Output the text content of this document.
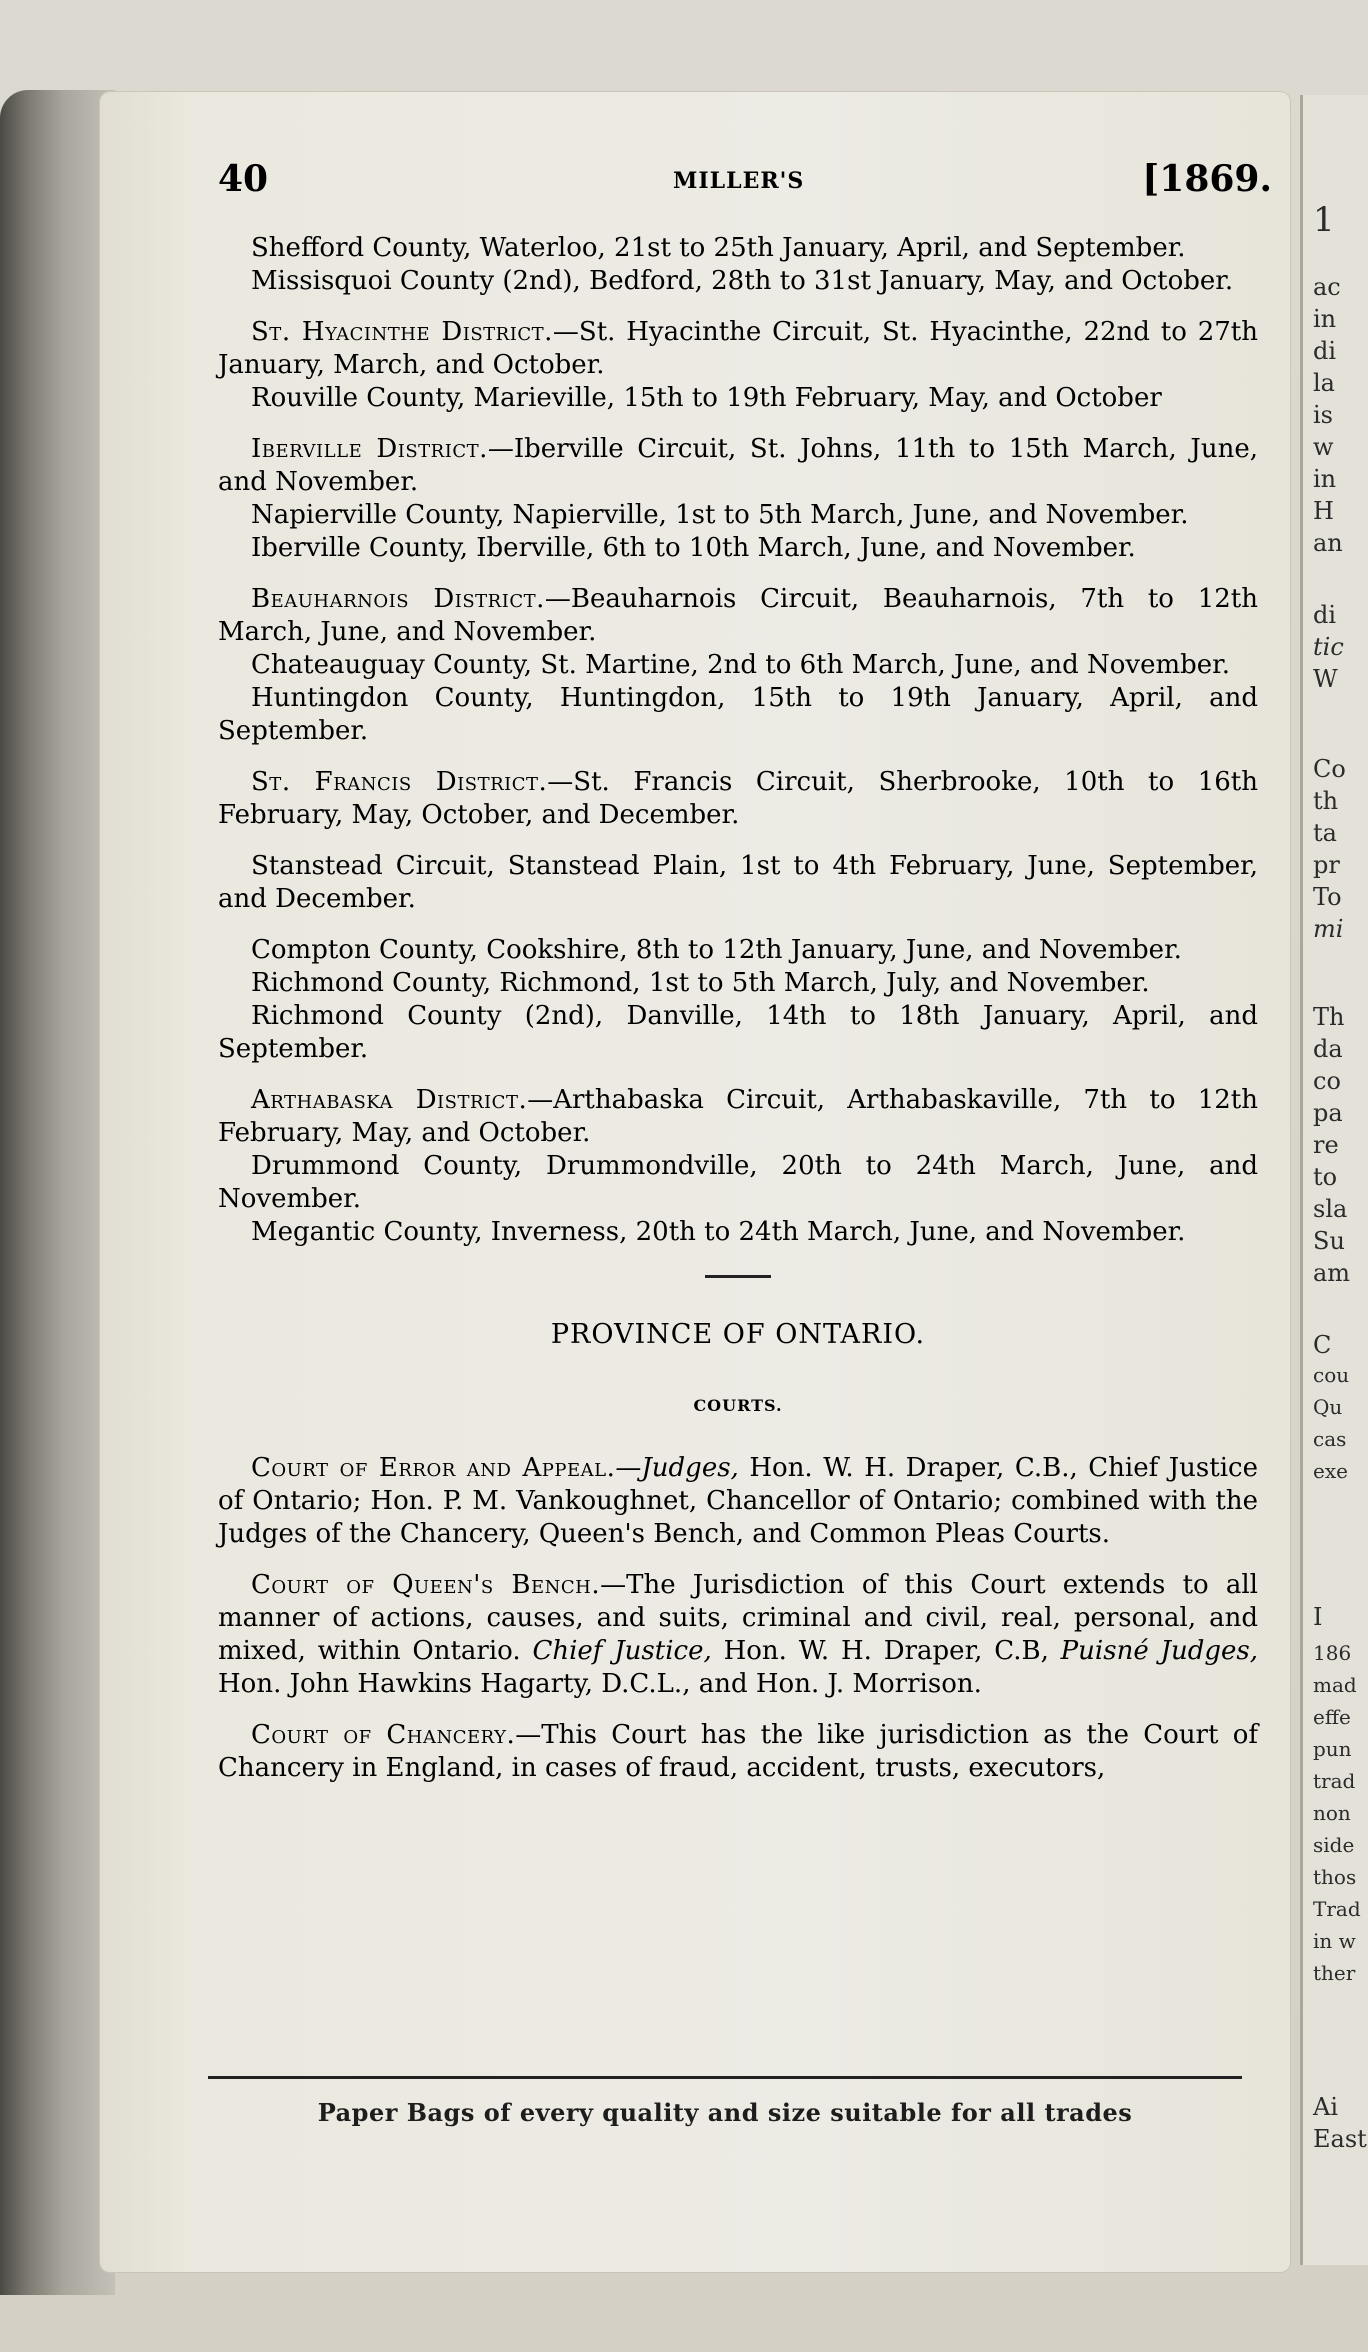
1
ac
in
di
la
is
w
in
H
an
di
tic
W
Co
th
ta
pr
To
mi
Th
da
co
pa
re
to
sla
Su
am
C
cou
Qu
cas
exe
I
186
mad
effe
pun
trad
non
side
thos
Trad
in w
ther
Ai
East
40	MILLER'S	[1869.

Shefford County, Waterloo, 21st to 25th January, April, and September.

Missisquoi County (2nd), Bedford, 28th to 31st January, May, and October.

St. Hyacinthe District.—St. Hyacinthe Circuit, St. Hyacinthe, 22nd to 27th January, March, and October.

Rouville County, Marieville, 15th to 19th February, May, and October

Iberville District.—Iberville Circuit, St. Johns, 11th to 15th March, June, and November.

Napierville County, Napierville, 1st to 5th March, June, and November.

Iberville County, Iberville, 6th to 10th March, June, and November.

Beauharnois District.—Beauharnois Circuit, Beauharnois, 7th to 12th March, June, and November.

Chateauguay County, St. Martine, 2nd to 6th March, June, and November.

Huntingdon County, Huntingdon, 15th to 19th January, April, and September.

St. Francis District.—St. Francis Circuit, Sherbrooke, 10th to 16th February, May, October, and December.

Stanstead Circuit, Stanstead Plain, 1st to 4th February, June, September, and December.

Compton County, Cookshire, 8th to 12th January, June, and November.

Richmond County, Richmond, 1st to 5th March, July, and November.

Richmond County (2nd), Danville, 14th to 18th January, April, and September.

Arthabaska District.—Arthabaska Circuit, Arthabaskaville, 7th to 12th February, May, and October.

Drummond County, Drummondville, 20th to 24th March, June, and November.

Megantic County, Inverness, 20th to 24th March, June, and November.

PROVINCE OF ONTARIO.

COURTS.

Court of Error and Appeal.—Judges, Hon. W. H. Draper, C.B., Chief Justice of Ontario; Hon. P. M. Vankoughnet, Chancellor of Ontario; combined with the Judges of the Chancery, Queen's Bench, and Common Pleas Courts.

Court of Queen's Bench.—The Jurisdiction of this Court extends to all manner of actions, causes, and suits, criminal and civil, real, personal, and mixed, within Ontario. Chief Justice, Hon. W. H. Draper, C.B, Puisné Judges, Hon. John Hawkins Hagarty, D.C.L., and Hon. J. Morrison.

Court of Chancery.—This Court has the like jurisdiction as the Court of Chancery in England, in cases of fraud, accident, trusts, executors,

Paper Bags of every quality and size suitable for all trades
